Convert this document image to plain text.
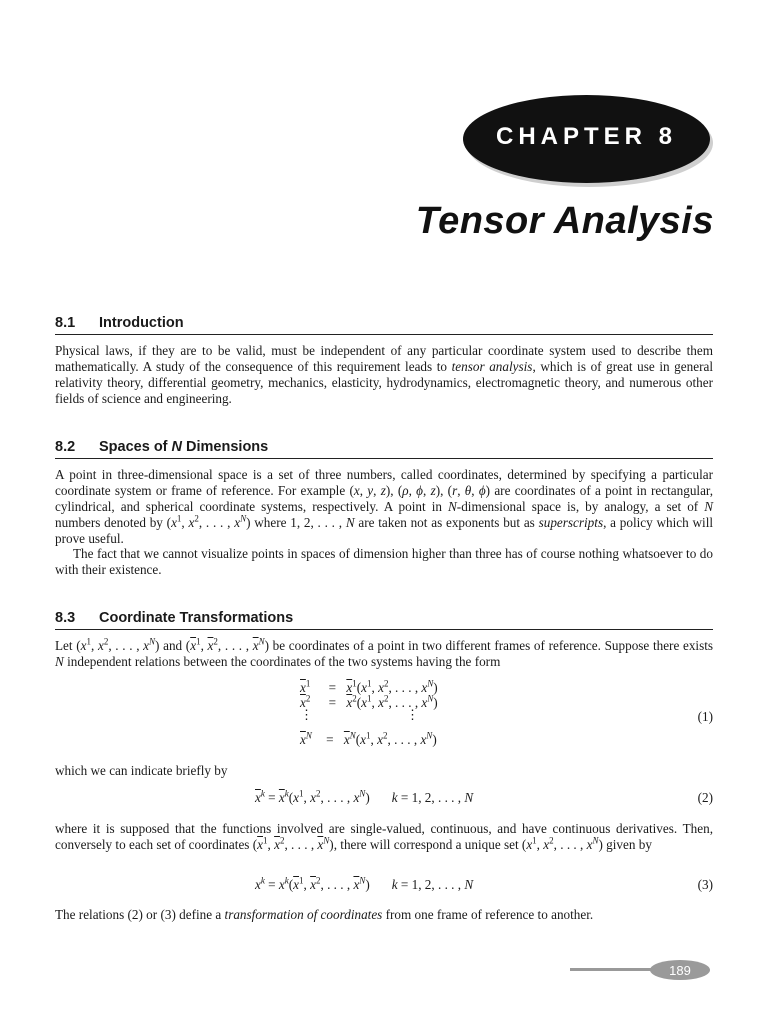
CHAPTER 8
Tensor Analysis
8.1 Introduction

Physical laws, if they are to be valid, must be independent of any particular coordinate system used to describe them mathematically. A study of the consequence of this requirement leads to tensor analysis, which is of great use in general relativity theory, differential geometry, mechanics, elasticity, hydrodynamics, electromagnetic theory, and numerous other fields of science and engineering.

8.2 Spaces of N Dimensions

A point in three-dimensional space is a set of three numbers, called coordinates, determined by specifying a particular coordinate system or frame of reference. For example (x, y, z), (ρ, ϕ, z), (r, θ, ϕ) are coordinates of a point in rectangular, cylindrical, and spherical coordinate systems, respectively. A point in N-dimensional space is, by analogy, a set of N numbers denoted by ($x^1$, $x^2$, . . . , $x^N$) where 1, 2, . . . , N are taken not as exponents but as superscripts, a policy which will prove useful.

The fact that we cannot visualize points in spaces of dimension higher than three has of course nothing whatsoever to do with their existence.

8.3 Coordinate Transformations

Let ($x^1$, $x^2$, . . . , $x^N$) and ($\overline{x}^1$, $\overline{x}^2$, . . . , $\overline{x}^N$) be coordinates of a point in two different frames of reference. Suppose there exists N independent relations between the coordinates of the two systems having the form

$\overline{x}^1 = \overline{x}^1(x^1$, $x^2$, . . . , $x^N$)
$\overline{x}^2 = \overline{x}^2(x^1$, $x^2$, . . . , $x^N$)
⋮	⋮
$\overline{x}^N = \overline{x}^N(x^1$, $x^2$, . . . , $x^N$)
(1)

which we can indicate briefly by

$\overline{x}^k = \overline{x}^k(x^1$, $x^2$, . . . , $x^N$) k = 1, 2, . . . , N	(2)

where it is supposed that the functions involved are single-valued, continuous, and have continuous derivatives. Then, conversely to each set of coordinates ($\overline{x}^1$, $\overline{x}^2$, . . . , $\overline{x}^N$), there will correspond a unique set ($x^1$, $x^2$, . . . , $x^N$) given by

$x^k = x^k(\overline{x}^1$, $\overline{x}^2$, . . . , $\overline{x}^N$) k = 1, 2, . . . , N	(3)

The relations (2) or (3) define a transformation of coordinates from one frame of reference to another.

189
